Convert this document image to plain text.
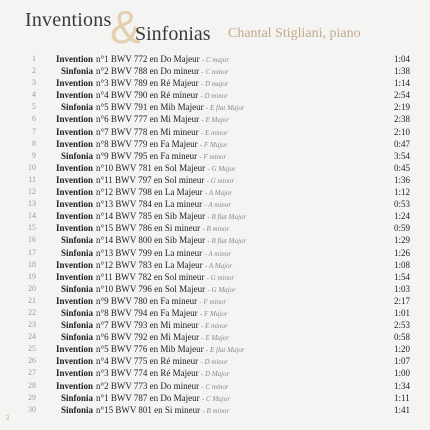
&
Inventions
Sinfonias Chantal Stigliani, piano
1	Invention n°1 BWV 772 en Do Majeur - C major	1:04
2	Sinfonia n°2 BWV 788 en Do mineur - C minor	1:38
3	Invention n°3 BWV 789 en Ré Majeur - D major	1:14
4	Invention n°4 BWV 790 en Ré mineur - D minor	2:54
5	Sinfonia n°5 BWV 791 en Mib Majeur - E flat Major	2:19
6	Invention n°6 BWV 777 en Mi Majeur - E Major	2:38
7	Invention n°7 BWV 778 en Mi mineur - E minor	2:10
8	Invention n°8 BWV 779 en Fa Majeur - F Major	0:47
9	Sinfonia n°9 BWV 795 en Fa mineur - F minor	3:54
10	Invention n°10 BWV 781 en Sol Majeur - G Major	0:45
11	Invention n°11 BWV 797 en Sol mineur - G minor	1:36
12	Invention n°12 BWV 798 en La Majeur - A Major	1:12
13	Invention n°13 BWV 784 en La mineur - A minor	0:53
14	Invention n°14 BWV 785 en Sib Majeur - B flat Major	1:24
15	Invention n°15 BWV 786 en Si mineur - B minor	0:59
16	Sinfonia n°14 BWV 800 en Sib Majeur - B flat Major	1:29
17	Sinfonia n°13 BWV 799 en La mineur - A minor	1:26
18	Invention n°12 BWV 783 en La Majeur - A Major	1:08
19	Invention n°11 BWV 782 en Sol mineur - G minor	1:54
20	Sinfonia n°10 BWV 796 en Sol Majeur - G Major	1:03
21	Invention n°9 BWV 780 en Fa mineur - F minor	2:17
22	Sinfonia n°8 BWV 794 en Fa Majeur - F Major	1:01
23	Sinfonia n°7 BWV 793 en Mi mineur - E minor	2:53
24	Sinfonia n°6 BWV 792 en Mi Majeur - E Major	0:58
25	Invention n°5 BWV 776 en Mib Majeur - E flat Major	1:20
26	Invention n°4 BWV 775 en Ré mineur - D minor	1:07
27	Invention n°3 BWV 774 en Ré Majeur - D Major	1:00
28	Invention n°2 BWV 773 en Do mineur - C minor	1:34
29	Sinfonia n°1 BWV 787 en Do Majeur - C Major	1:11
30	Sinfonia n°15 BWV 801 en Si mineur - B minor	1:41
2
